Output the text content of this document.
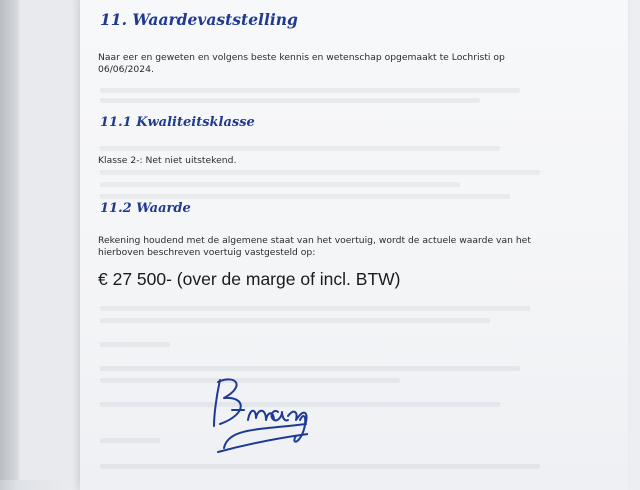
11. Waardevaststelling

Naar eer en geweten en volgens beste kennis en wetenschap opgemaakt te Lochristi op 06/06/2024.

11.1 Kwaliteitsklasse

Klasse 2-: Net niet uitstekend.

11.2 Waarde

Rekening houdend met de algemene staat van het voertuig, wordt de actuele waarde van het hierboven beschreven voertuig vastgesteld op:

€ 27 500- (over de marge of incl. BTW)
